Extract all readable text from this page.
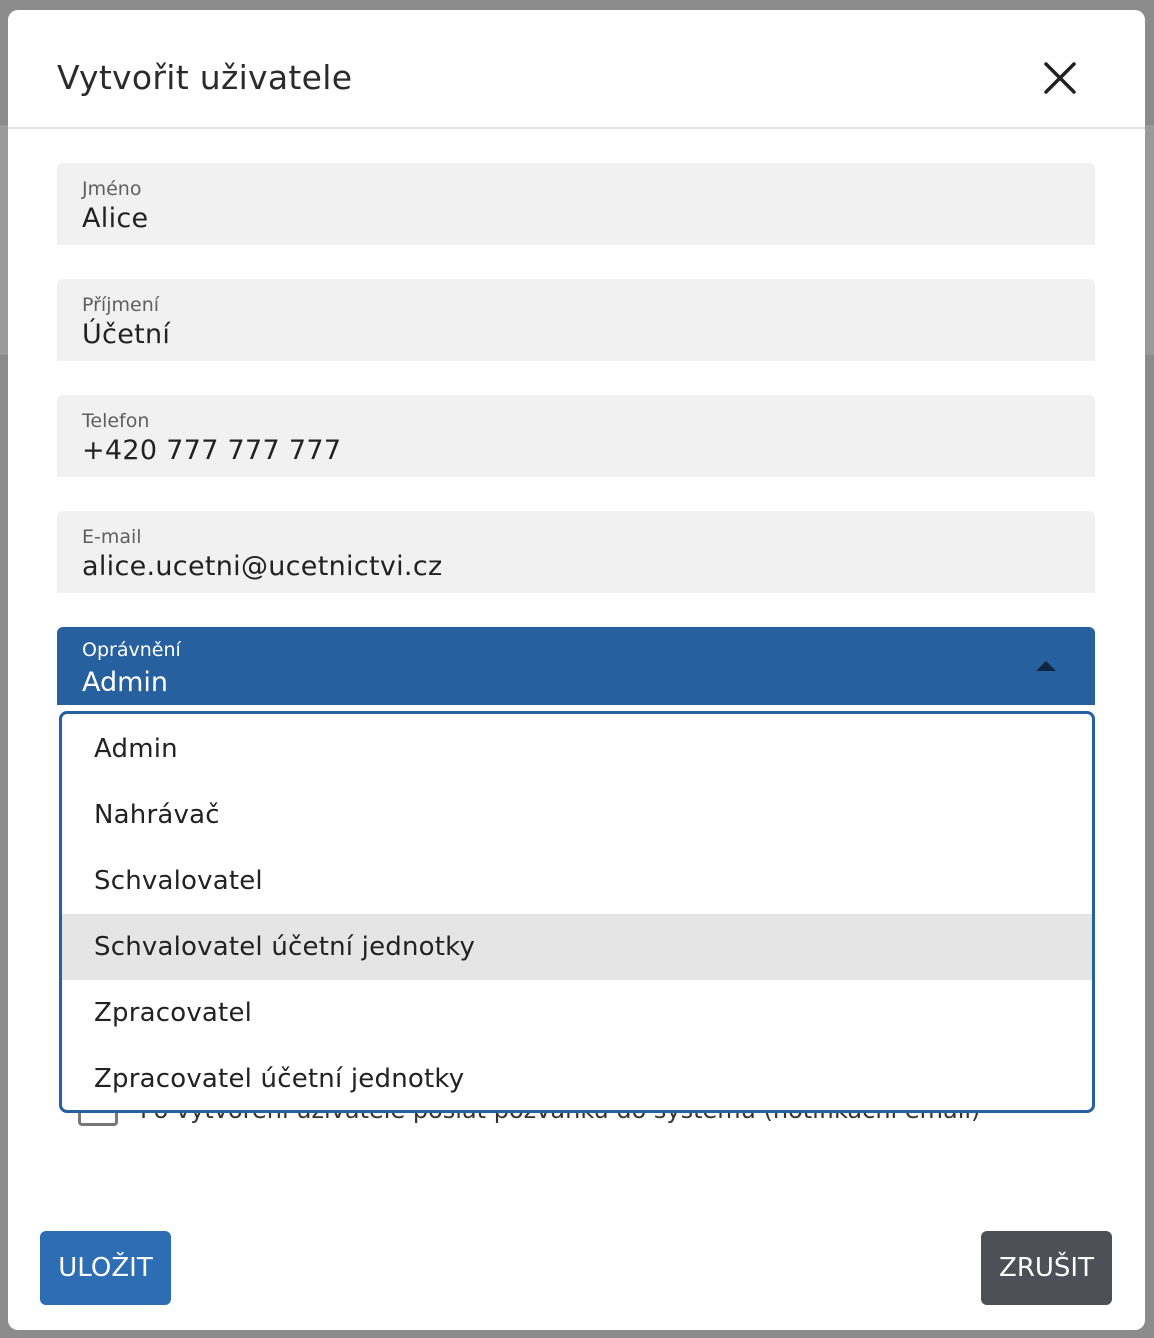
Vytvořit uživatele
Jméno
Alice
Příjmení
Účetní
Telefon
+420 777 777 777
E-mail
alice.ucetni@ucetnictvi.cz
Oprávnění
Admin
Admin
Nahrávač
Schvalovatel
Schvalovatel účetní jednotky
Zpracovatel
Zpracovatel účetní jednotky
ULOŽIT	ZRUŠIT
